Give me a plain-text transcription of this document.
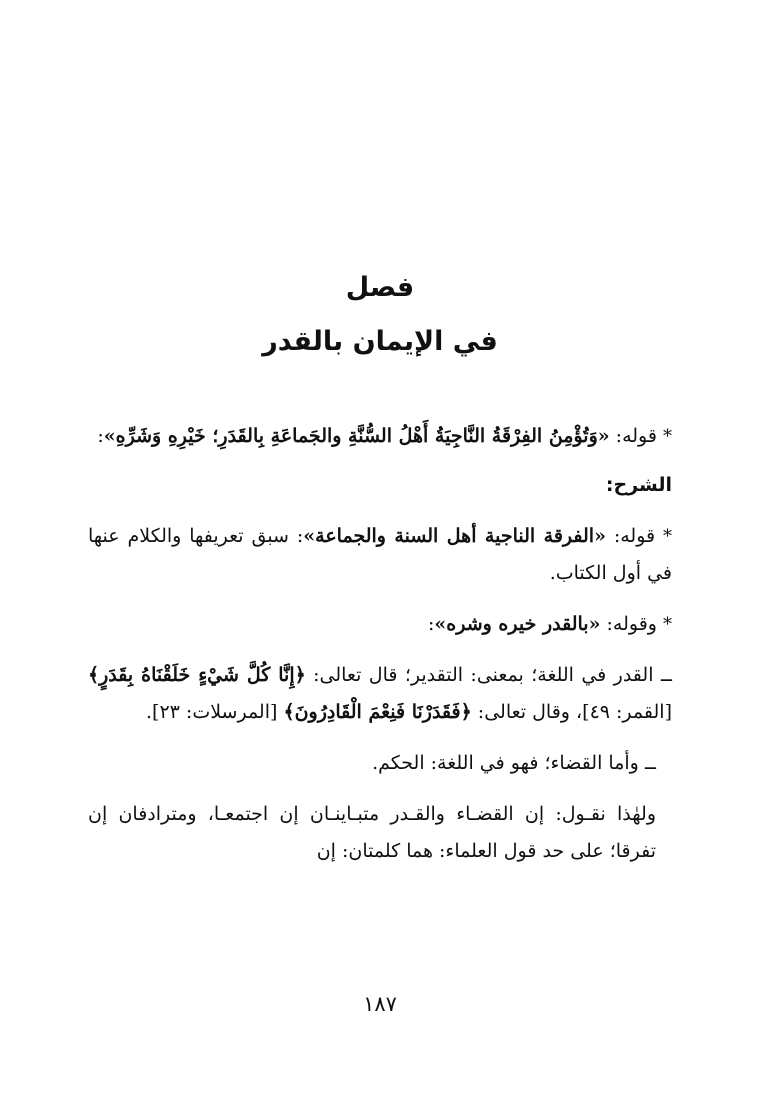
فصل
في الإيمان بالقدر

* قوله: «وَتُؤْمِنُ الفِرْقَةُ النَّاجِيَةُ أَهْلُ السُّنَّةِ والجَماعَةِ بِالقَدَرِ؛ خَيْرِهِ وَشَرِّهِ»:

الشرح:

* قوله: «الفرقة الناجية أهل السنة والجماعة»: سبق تعريفها والكلام عنها في أول الكتاب.

* وقوله: «بالقدر خيره وشره»:

ــ القدر في اللغة؛ بمعنى: التقدير؛ قال تعالى: ﴿إِنَّا كُلَّ شَيْءٍ خَلَقْنَاهُ بِقَدَرٍ﴾ [القمر: ٤٩]، وقال تعالى: ﴿فَقَدَرْنَا فَنِعْمَ الْقَادِرُونَ﴾ [المرسلات: ٢٣].

ــ وأما القضاء؛ فهو في اللغة: الحكم.

ولهٰذا نقـول: إن القضـاء والقـدر متبـاينـان إن اجتمعـا، ومترادفان إن تفرقا؛ على حد قول العلماء: هما كلمتان: إن

١٨٧
